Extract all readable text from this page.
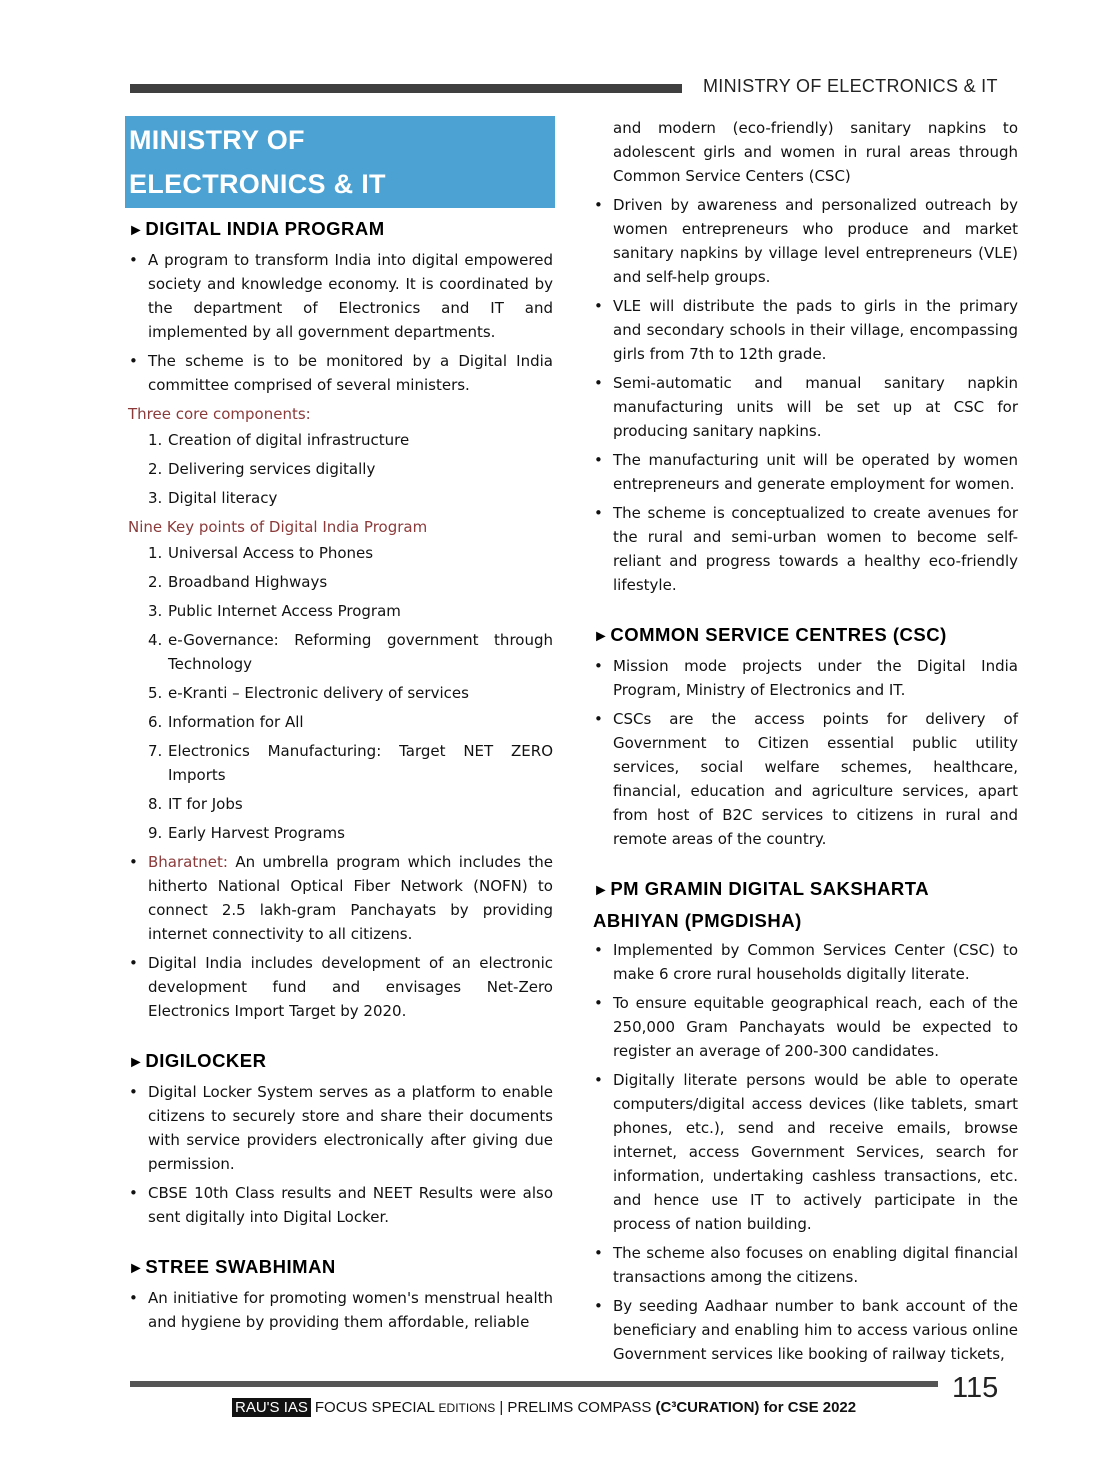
MINISTRY OF ELECTRONICS & IT
MINISTRY OF
ELECTRONICS & IT
►DIGITAL INDIA PROGRAM
• A program to transform India into digital empowered society and knowledge economy. It is coordinated by the department of Electronics and IT and implemented by all government departments.
• The scheme is to be monitored by a Digital India committee comprised of several ministers.

Three core components:

1. Creation of digital infrastructure
2. Delivering services digitally
3. Digital literacy

Nine Key points of Digital India Program

1. Universal Access to Phones
2. Broadband Highways
3. Public Internet Access Program
4. e-Governance: Reforming government through Technology
5. e-Kranti – Electronic delivery of services
6. Information for All
7. Electronics Manufacturing: Target NET ZERO Imports
8. IT for Jobs
9. Early Harvest Programs
• Bharatnet: An umbrella program which includes the hitherto National Optical Fiber Network (NOFN) to connect 2.5 lakh-gram Panchayats by providing internet connectivity to all citizens.
• Digital India includes development of an electronic development fund and envisages Net-Zero Electronics Import Target by 2020.
►DIGILOCKER
• Digital Locker System serves as a platform to enable citizens to securely store and share their documents with service providers electronically after giving due permission.
• CBSE 10th Class results and NEET Results were also sent digitally into Digital Locker.
►STREE SWABHIMAN
• An initiative for promoting women's menstrual health and hygiene by providing them affordable, reliable
and modern (eco-friendly) sanitary napkins to adolescent girls and women in rural areas through Common Service Centers (CSC)
• Driven by awareness and personalized outreach by women entrepreneurs who produce and market sanitary napkins by village level entrepreneurs (VLE) and self-help groups.
• VLE will distribute the pads to girls in the primary and secondary schools in their village, encompassing girls from 7th to 12th grade.
• Semi-automatic and manual sanitary napkin manufacturing units will be set up at CSC for producing sanitary napkins.
• The manufacturing unit will be operated by women entrepreneurs and generate employment for women.
• The scheme is conceptualized to create avenues for the rural and semi-urban women to become self-reliant and progress towards a healthy eco-friendly lifestyle.
►COMMON SERVICE CENTRES (CSC)
• Mission mode projects under the Digital India Program, Ministry of Electronics and IT.
• CSCs are the access points for delivery of Government to Citizen essential public utility services, social welfare schemes, healthcare, financial, education and agriculture services, apart from host of B2C services to citizens in rural and remote areas of the country.
►PM GRAMIN DIGITAL SAKSHARTA
ABHIYAN (PMGDISHA)
• Implemented by Common Services Center (CSC) to make 6 crore rural households digitally literate.
• To ensure equitable geographical reach, each of the 250,000 Gram Panchayats would be expected to register an average of 200-300 candidates.
• Digitally literate persons would be able to operate computers/digital access devices (like tablets, smart phones, etc.), send and receive emails, browse internet, access Government Services, search for information, undertaking cashless transactions, etc. and hence use IT to actively participate in the process of nation building.
• The scheme also focuses on enabling digital financial transactions among the citizens.
• By seeding Aadhaar number to bank account of the beneficiary and enabling him to access various online Government services like booking of railway tickets,
115
RAU'S IAS FOCUS SPECIAL EDITIONS | PRELIMS COMPASS (C³CURATION) for CSE 2022
